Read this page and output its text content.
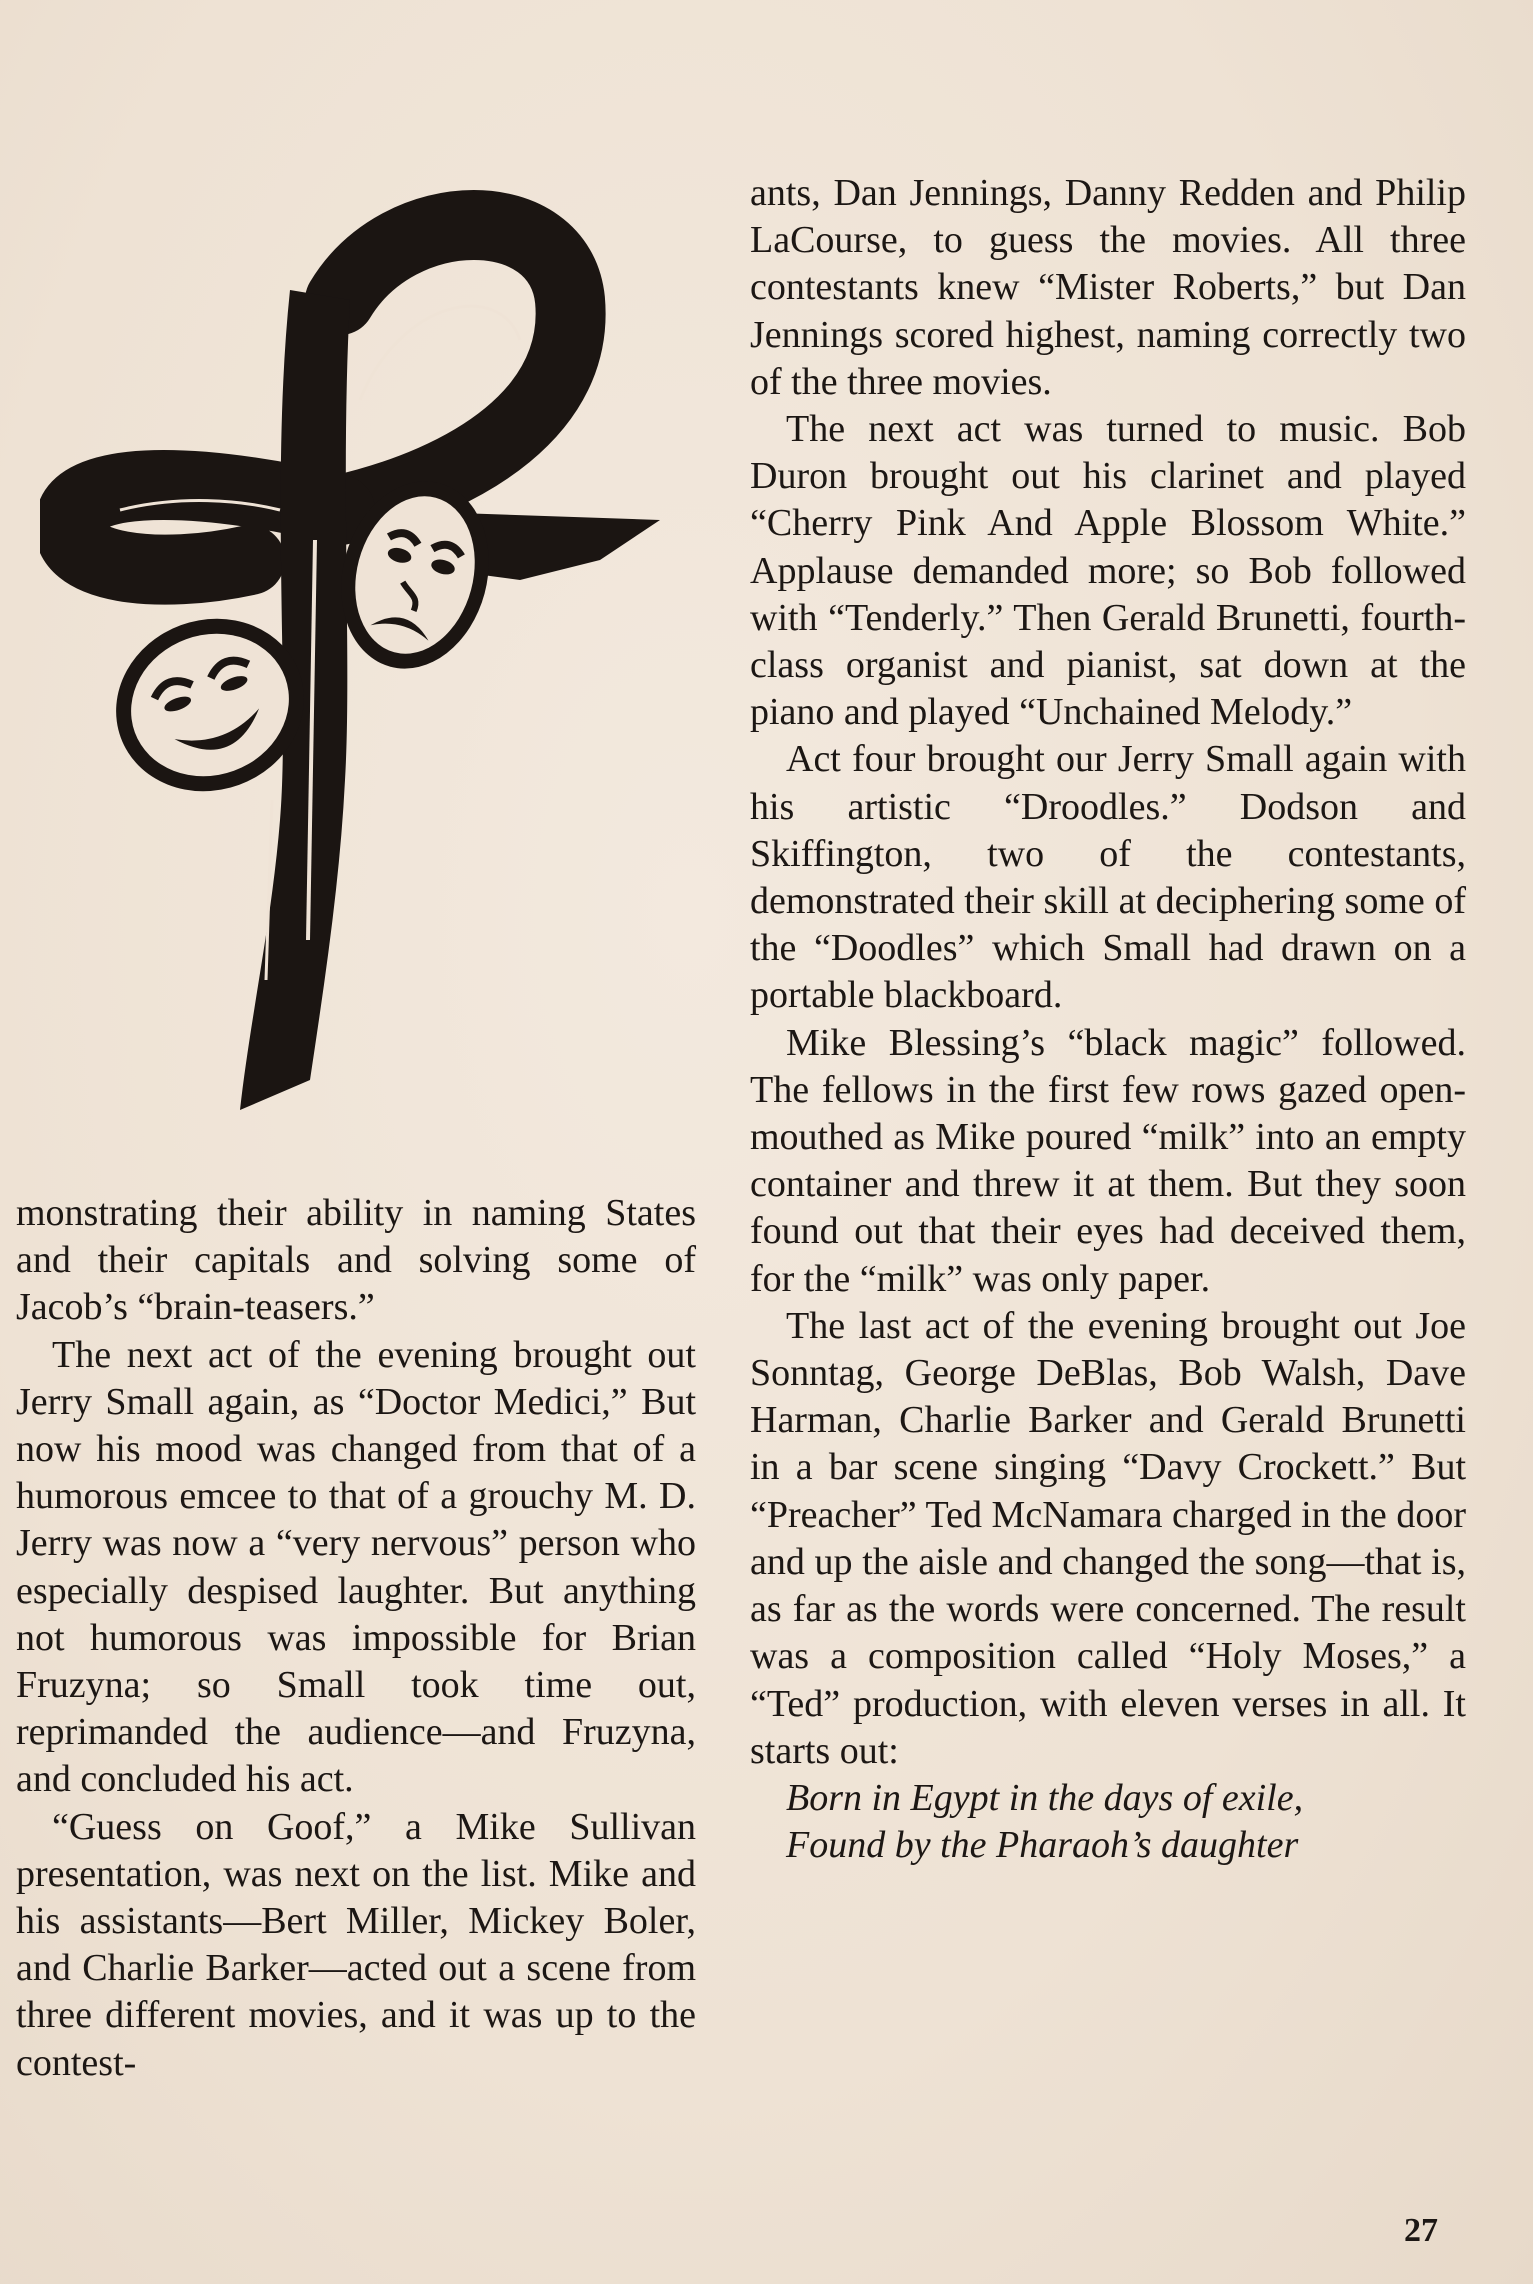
monstrating their ability in naming States and their capitals and solving some of Jacob’s “brain-teasers.”

The next act of the evening brought out Jerry Small again, as “Doctor Medici,” But now his mood was changed from that of a humorous emcee to that of a grouchy M. D. Jerry was now a “very nervous” person who especially despised laughter. But anything not humorous was impossible for Brian Fruzyna; so Small took time out, reprimanded the audience—and Fruzyna, and concluded his act.

“Guess on Goof,” a Mike Sullivan presentation, was next on the list. Mike and his assistants—Bert Miller, Mickey Boler, and Charlie Barker—acted out a scene from three different movies, and it was up to the contest-

ants, Dan Jennings, Danny Redden and Philip LaCourse, to guess the movies. All three contestants knew “Mister Roberts,” but Dan Jennings scored highest, naming correctly two of the three movies.

The next act was turned to music. Bob Duron brought out his clarinet and played “Cherry Pink And Apple Blossom White.” Applause demanded more; so Bob followed with “Tenderly.” Then Gerald Brunetti, fourth-class organist and pianist, sat down at the piano and played “Unchained Melody.”

Act four brought our Jerry Small again with his artistic “Droodles.” Dodson and Skiffington, two of the contestants, demonstrated their skill at deciphering some of the “Doodles” which Small had drawn on a portable blackboard.

Mike Blessing’s “black magic” followed. The fellows in the first few rows gazed open-mouthed as Mike poured “milk” into an empty container and threw it at them. But they soon found out that their eyes had deceived them, for the “milk” was only paper.

The last act of the evening brought out Joe Sonntag, George DeBlas, Bob Walsh, Dave Harman, Charlie Barker and Gerald Brunetti in a bar scene singing “Davy Crockett.” But “Preacher” Ted McNamara charged in the door and up the aisle and changed the song—that is, as far as the words were concerned. The result was a composition called “Holy Moses,” a “Ted” production, with eleven verses in all. It starts out:

Born in Egypt in the days of exile,

Found by the Pharaoh’s daughter

27
